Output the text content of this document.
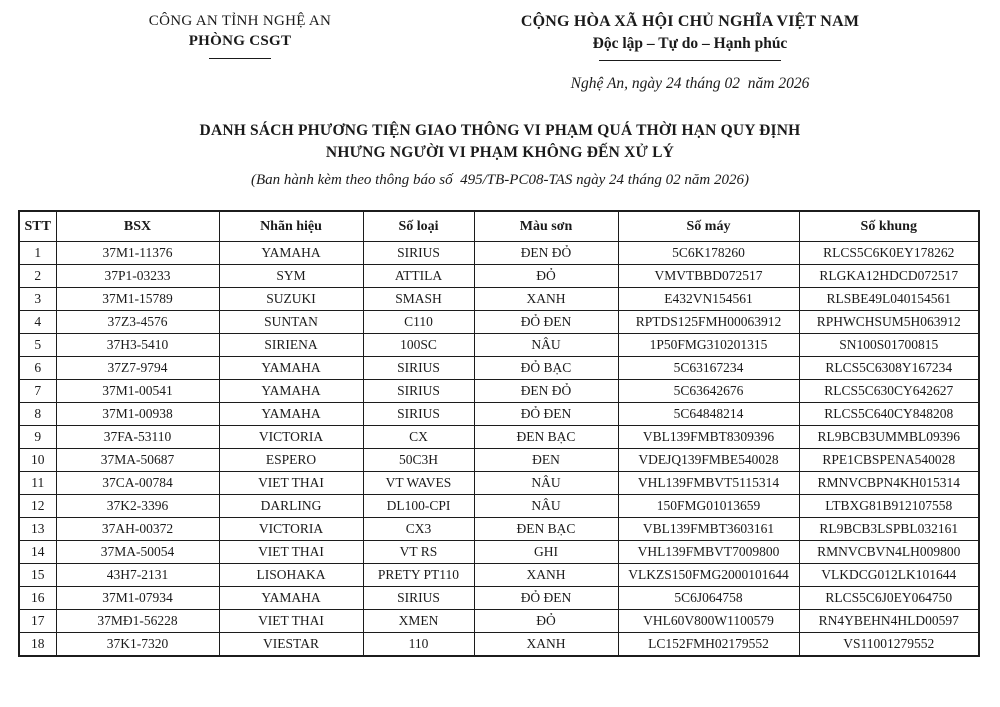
CÔNG AN TỈNH NGHỆ AN
PHÒNG CSGT
CỘNG HÒA XÃ HỘI CHỦ NGHĨA VIỆT NAM
Độc lập – Tự do – Hạnh phúc
Nghệ An, ngày 24 tháng 02  năm 2026
DANH SÁCH PHƯƠNG TIỆN GIAO THÔNG VI PHẠM QUÁ THỜI HẠN QUY ĐỊNH
NHƯNG NGƯỜI VI PHẠM KHÔNG ĐẾN XỬ LÝ
(Ban hành kèm theo thông báo số  495/TB-PC08-TAS ngày 24 tháng 02 năm 2026)
STT	BSX	Nhãn hiệu	Số loại	Màu sơn	Số máy	Số khung
1	37M1-11376	YAMAHA	SIRIUS	ĐEN ĐỎ	5C6K178260	RLCS5C6K0EY178262
2	37P1-03233	SYM	ATTILA	ĐỎ	VMVTBBD072517	RLGKA12HDCD072517
3	37M1-15789	SUZUKI	SMASH	XANH	E432VN154561	RLSBE49L040154561
4	37Z3-4576	SUNTAN	C110	ĐỎ ĐEN	RPTDS125FMH00063912	RPHWCHSUM5H063912
5	37H3-5410	SIRIENA	100SC	NÂU	1P50FMG310201315	SN100S01700815
6	37Z7-9794	YAMAHA	SIRIUS	ĐỎ BẠC	5C63167234	RLCS5C6308Y167234
7	37M1-00541	YAMAHA	SIRIUS	ĐEN ĐỎ	5C63642676	RLCS5C630CY642627
8	37M1-00938	YAMAHA	SIRIUS	ĐỎ ĐEN	5C64848214	RLCS5C640CY848208
9	37FA-53110	VICTORIA	CX	ĐEN BẠC	VBL139FMBT8309396	RL9BCB3UMMBL09396
10	37MA-50687	ESPERO	50C3H	ĐEN	VDEJQ139FMBE540028	RPE1CBSPENA540028
11	37CA-00784	VIET THAI	VT WAVES	NÂU	VHL139FMBVT5115314	RMNVCBPN4KH015314
12	37K2-3396	DARLING	DL100-CPI	NÂU	150FMG01013659	LTBXG81B912107558
13	37AH-00372	VICTORIA	CX3	ĐEN BẠC	VBL139FMBT3603161	RL9BCB3LSPBL032161
14	37MA-50054	VIET THAI	VT RS	GHI	VHL139FMBVT7009800	RMNVCBVN4LH009800
15	43H7-2131	LISOHAKA	PRETY PT110	XANH	VLKZS150FMG2000101644	VLKDCG012LK101644
16	37M1-07934	YAMAHA	SIRIUS	ĐỎ ĐEN	5C6J064758	RLCS5C6J0EY064750
17	37MĐ1-56228	VIET THAI	XMEN	ĐỎ	VHL60V800W1100579	RN4YBEHN4HLD00597
18	37K1-7320	VIESTAR	110	XANH	LC152FMH02179552	VS11001279552
